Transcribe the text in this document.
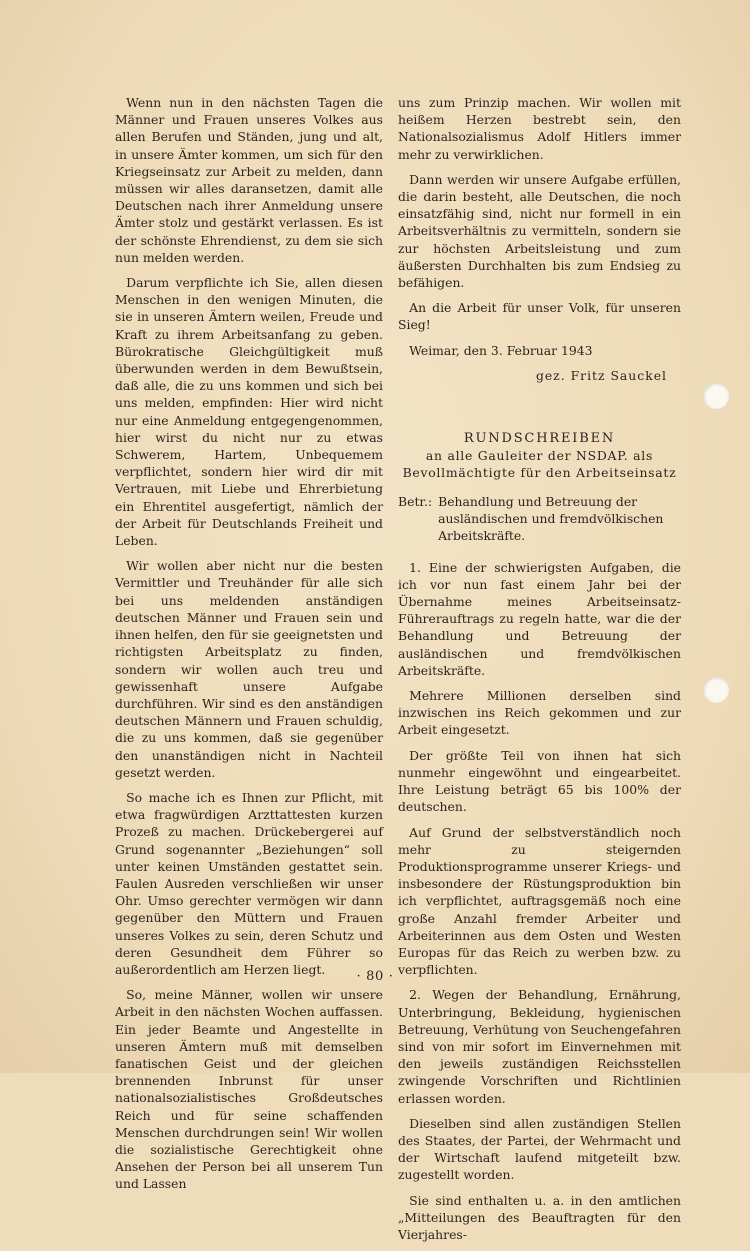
Wenn nun in den nächsten Tagen die Männer und Frauen unseres Volkes aus allen Berufen und Ständen, jung und alt, in unsere Ämter kommen, um sich für den Kriegseinsatz zur Arbeit zu melden, dann müssen wir alles daransetzen, damit alle Deutschen nach ihrer Anmeldung unsere Ämter stolz und gestärkt verlassen. Es ist der schönste Ehrendienst, zu dem sie sich nun melden werden.

Darum verpflichte ich Sie, allen diesen Menschen in den wenigen Minuten, die sie in unseren Ämtern weilen, Freude und Kraft zu ihrem Arbeitsanfang zu geben. Bürokratische Gleichgültigkeit muß überwunden werden in dem Bewußtsein, daß alle, die zu uns kommen und sich bei uns melden, empfinden: Hier wird nicht nur eine Anmeldung entgegengenommen, hier wirst du nicht nur zu etwas Schwerem, Hartem, Unbequemem verpflichtet, sondern hier wird dir mit Vertrauen, mit Liebe und Ehrerbietung ein Ehrentitel ausgefertigt, nämlich der der Arbeit für Deutschlands Freiheit und Leben.

Wir wollen aber nicht nur die besten Vermittler und Treuhänder für alle sich bei uns meldenden anständigen deutschen Männer und Frauen sein und ihnen helfen, den für sie geeignetsten und richtigsten Arbeitsplatz zu finden, sondern wir wollen auch treu und gewissenhaft unsere Aufgabe durchführen. Wir sind es den anständigen deutschen Männern und Frauen schuldig, die zu uns kommen, daß sie gegenüber den unanständigen nicht in Nachteil gesetzt werden.

So mache ich es Ihnen zur Pflicht, mit etwa fragwürdigen Arzttattesten kurzen Prozeß zu machen. Drückebergerei auf Grund sogenannter „Beziehungen“ soll unter keinen Umständen gestattet sein. Faulen Ausreden verschließen wir unser Ohr. Umso gerechter vermögen wir dann gegenüber den Müttern und Frauen unseres Volkes zu sein, deren Schutz und deren Gesundheit dem Führer so außerordentlich am Herzen liegt.

So, meine Männer, wollen wir unsere Arbeit in den nächsten Wochen auffassen. Ein jeder Beamte und Angestellte in unseren Ämtern muß mit demselben fanatischen Geist und der gleichen brennenden Inbrunst für unser nationalsozialistisches Großdeutsches Reich und für seine schaffenden Menschen durchdrungen sein! Wir wollen die sozialistische Gerechtigkeit ohne Ansehen der Person bei all unserem Tun und Lassen

uns zum Prinzip machen. Wir wollen mit heißem Herzen bestrebt sein, den Nationalsozialismus Adolf Hitlers immer mehr zu verwirklichen.

Dann werden wir unsere Aufgabe erfüllen, die darin besteht, alle Deutschen, die noch einsatzfähig sind, nicht nur formell in ein Arbeitsverhältnis zu vermitteln, sondern sie zur höchsten Arbeitsleistung und zum äußersten Durchhalten bis zum Endsieg zu befähigen.

An die Arbeit für unser Volk, für unseren Sieg!

Weimar, den 3. Februar 1943

gez. Fritz Sauckel

RUNDSCHREIBEN
an alle Gauleiter der NSDAP. als
Bevollmächtigte für den Arbeitseinsatz
Betr.: Behandlung und Betreuung der ausländischen und fremdvölkischen Arbeitskräfte.

1. Eine der schwierigsten Aufgaben, die ich vor nun fast einem Jahr bei der Übernahme meines Arbeitseinsatz-Führerauftrags zu regeln hatte, war die der Behandlung und Betreuung der ausländischen und fremdvölkischen Arbeitskräfte.

Mehrere Millionen derselben sind inzwischen ins Reich gekommen und zur Arbeit eingesetzt.

Der größte Teil von ihnen hat sich nunmehr eingewöhnt und eingearbeitet. Ihre Leistung beträgt 65 bis 100% der deutschen.

Auf Grund der selbstverständlich noch mehr zu steigernden Produktionsprogramme unserer Kriegs- und insbesondere der Rüstungsproduktion bin ich verpflichtet, auftragsgemäß noch eine große Anzahl fremder Arbeiter und Arbeiterinnen aus dem Osten und Westen Europas für das Reich zu werben bzw. zu verpflichten.

2. Wegen der Behandlung, Ernährung, Unterbringung, Bekleidung, hygienischen Betreuung, Verhütung von Seuchengefahren sind von mir sofort im Einvernehmen mit den jeweils zuständigen Reichsstellen zwingende Vorschriften und Richtlinien erlassen worden.

Dieselben sind allen zuständigen Stellen des Staates, der Partei, der Wehrmacht und der Wirtschaft laufend mitgeteilt bzw. zugestellt worden.

Sie sind enthalten u. a. in den amtlichen „Mitteilungen des Beauftragten für den Vierjahres-

· 80 ·
